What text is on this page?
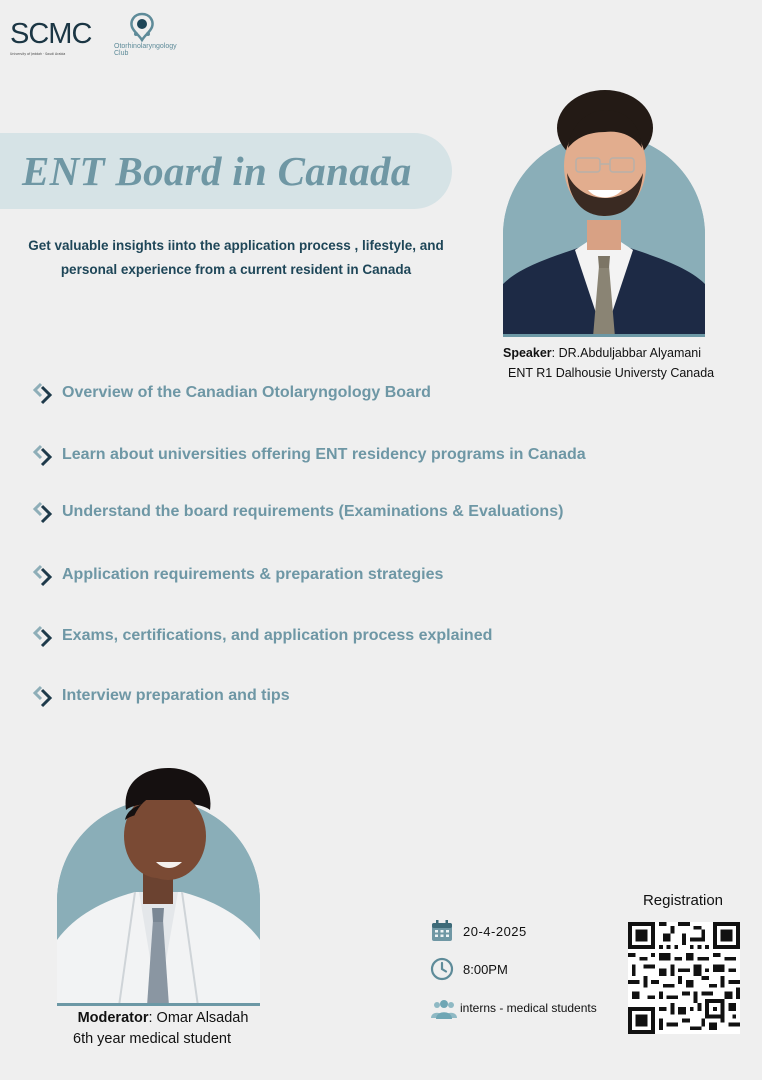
SCMC
University of Jeddah · Saudi Arabia
Otorhinolaryngology
Club
ENT Board in Canada
Get valuable insights iinto the application process , lifestyle, and
personal experience from a current resident in Canada
Speaker: DR.Abduljabbar Alyamani
ENT R1 Dalhousie Universty Canada
Overview of the Canadian Otolaryngology Board
Learn about universities offering ENT residency programs in Canada
Understand the board requirements (Examinations & Evaluations)
Application requirements & preparation strategies
Exams, certifications, and application process explained
Interview preparation and tips
Moderator: Omar Alsadah
6th year medical student
20-4-2025
8:00PM
interns - medical students
Registration
